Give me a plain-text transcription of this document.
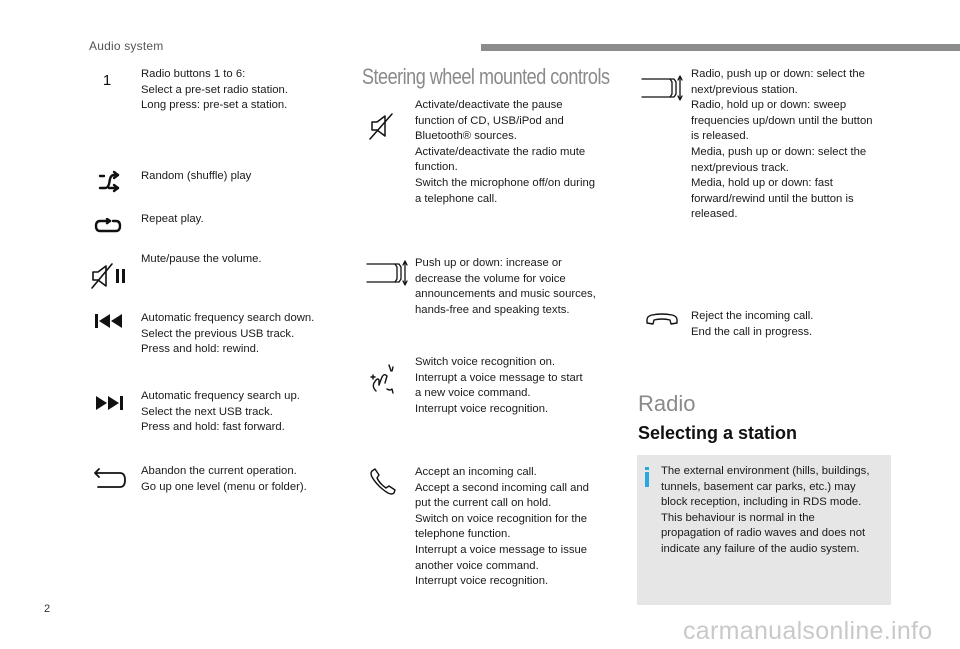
Audio system
1	Radio buttons 1 to 6:
Select a pre-set radio station.
Long press: pre-set a station.
Random (shuffle) play
Repeat play.
Mute/pause the volume.
Automatic frequency search down.
Select the previous USB track.
Press and hold: rewind.
Automatic frequency search up.
Select the next USB track.
Press and hold: fast forward.
Abandon the current operation.
Go up one level (menu or folder).
Steering wheel mounted controls
Activate/deactivate the pause
function of CD, USB/iPod and
Bluetooth® sources.
Activate/deactivate the radio mute
function.
Switch the microphone off/on during
a telephone call.
Push up or down: increase or
decrease the volume for voice
announcements and music sources,
hands-free and speaking texts.
Switch voice recognition on.
Interrupt a voice message to start
a new voice command.
Interrupt voice recognition.
Accept an incoming call.
Accept a second incoming call and
put the current call on hold.
Switch on voice recognition for the
telephone function.
Interrupt a voice message to issue
another voice command.
Interrupt voice recognition.
Radio, push up or down: select the
next/previous station.
Radio, hold up or down: sweep
frequencies up/down until the button
is released.
Media, push up or down: select the
next/previous track.
Media, hold up or down: fast
forward/rewind until the button is
released.
Reject the incoming call.
End the call in progress.
Radio
Selecting a station
The external environment (hills, buildings,
tunnels, basement car parks, etc.) may
block reception, including in RDS mode.
This behaviour is normal in the
propagation of radio waves and does not
indicate any failure of the audio system.
2
carmanualsonline.info
